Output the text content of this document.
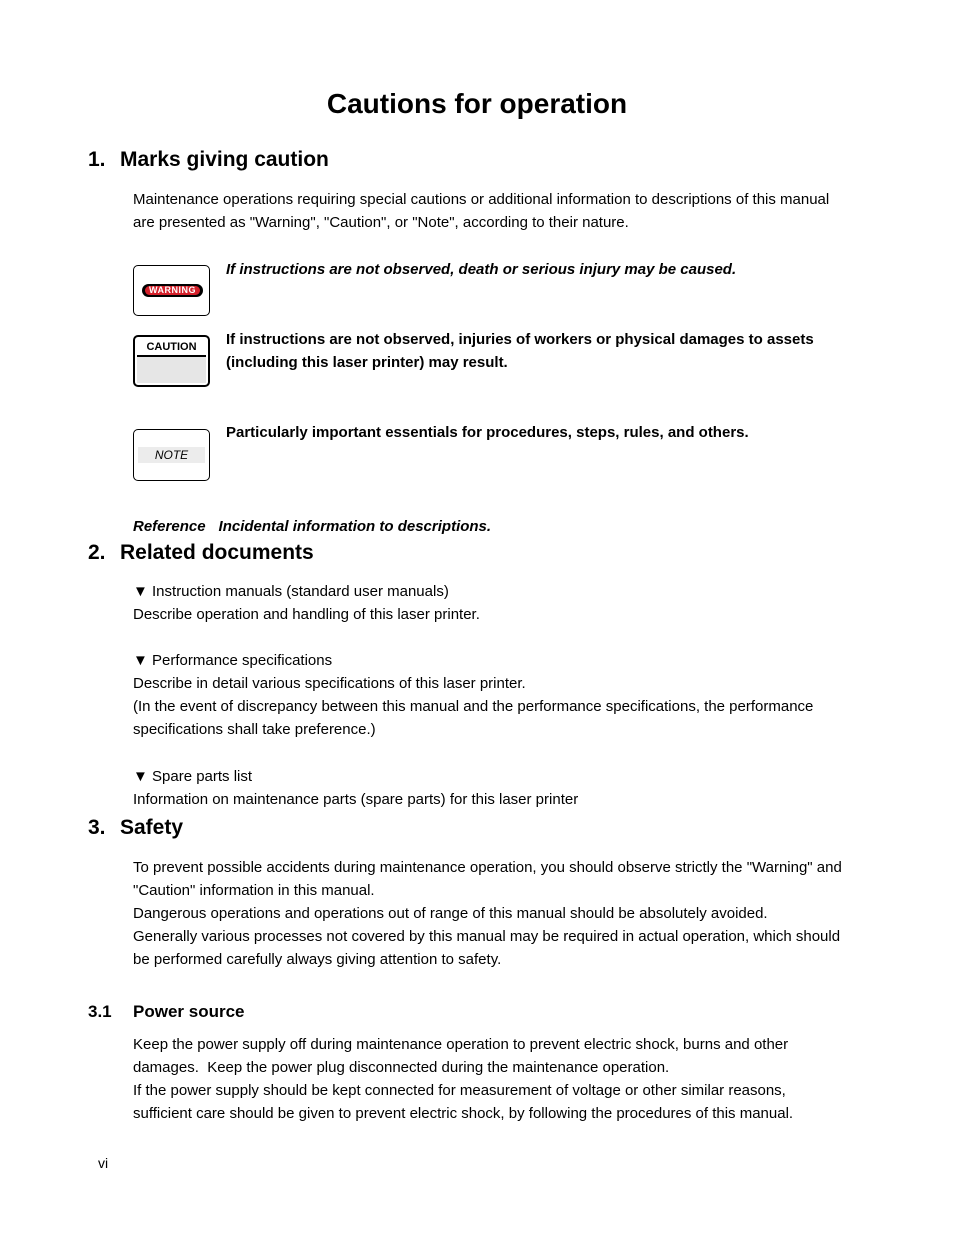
Cautions for operation
1. Marks giving caution
Maintenance operations requiring special cautions or additional information to descriptions of this manual
are presented as "Warning", "Caution", or "Note", according to their nature.
WARNING
If instructions are not observed, death or serious injury may be caused.
CAUTION	If instructions are not observed, injuries of workers or physical damages to assets
(including this laser printer) may result.
NOTE
Particularly important essentials for procedures, steps, rules, and others.
Reference Incidental information to descriptions.
2. Related documents
▼ Instruction manuals (standard user manuals)
Describe operation and handling of this laser printer.
▼ Performance specifications
Describe in detail various specifications of this laser printer.
(In the event of discrepancy between this manual and the performance specifications, the performance
specifications shall take preference.)
▼ Spare parts list
Information on maintenance parts (spare parts) for this laser printer
3. Safety
To prevent possible accidents during maintenance operation, you should observe strictly the "Warning" and
"Caution" information in this manual.
Dangerous operations and operations out of range of this manual should be absolutely avoided.
Generally various processes not covered by this manual may be required in actual operation, which should
be performed carefully always giving attention to safety.
3.1 Power source
Keep the power supply off during maintenance operation to prevent electric shock, burns and other
damages.  Keep the power plug disconnected during the maintenance operation.
If the power supply should be kept connected for measurement of voltage or other similar reasons,
sufficient care should be given to prevent electric shock, by following the procedures of this manual.
vi
